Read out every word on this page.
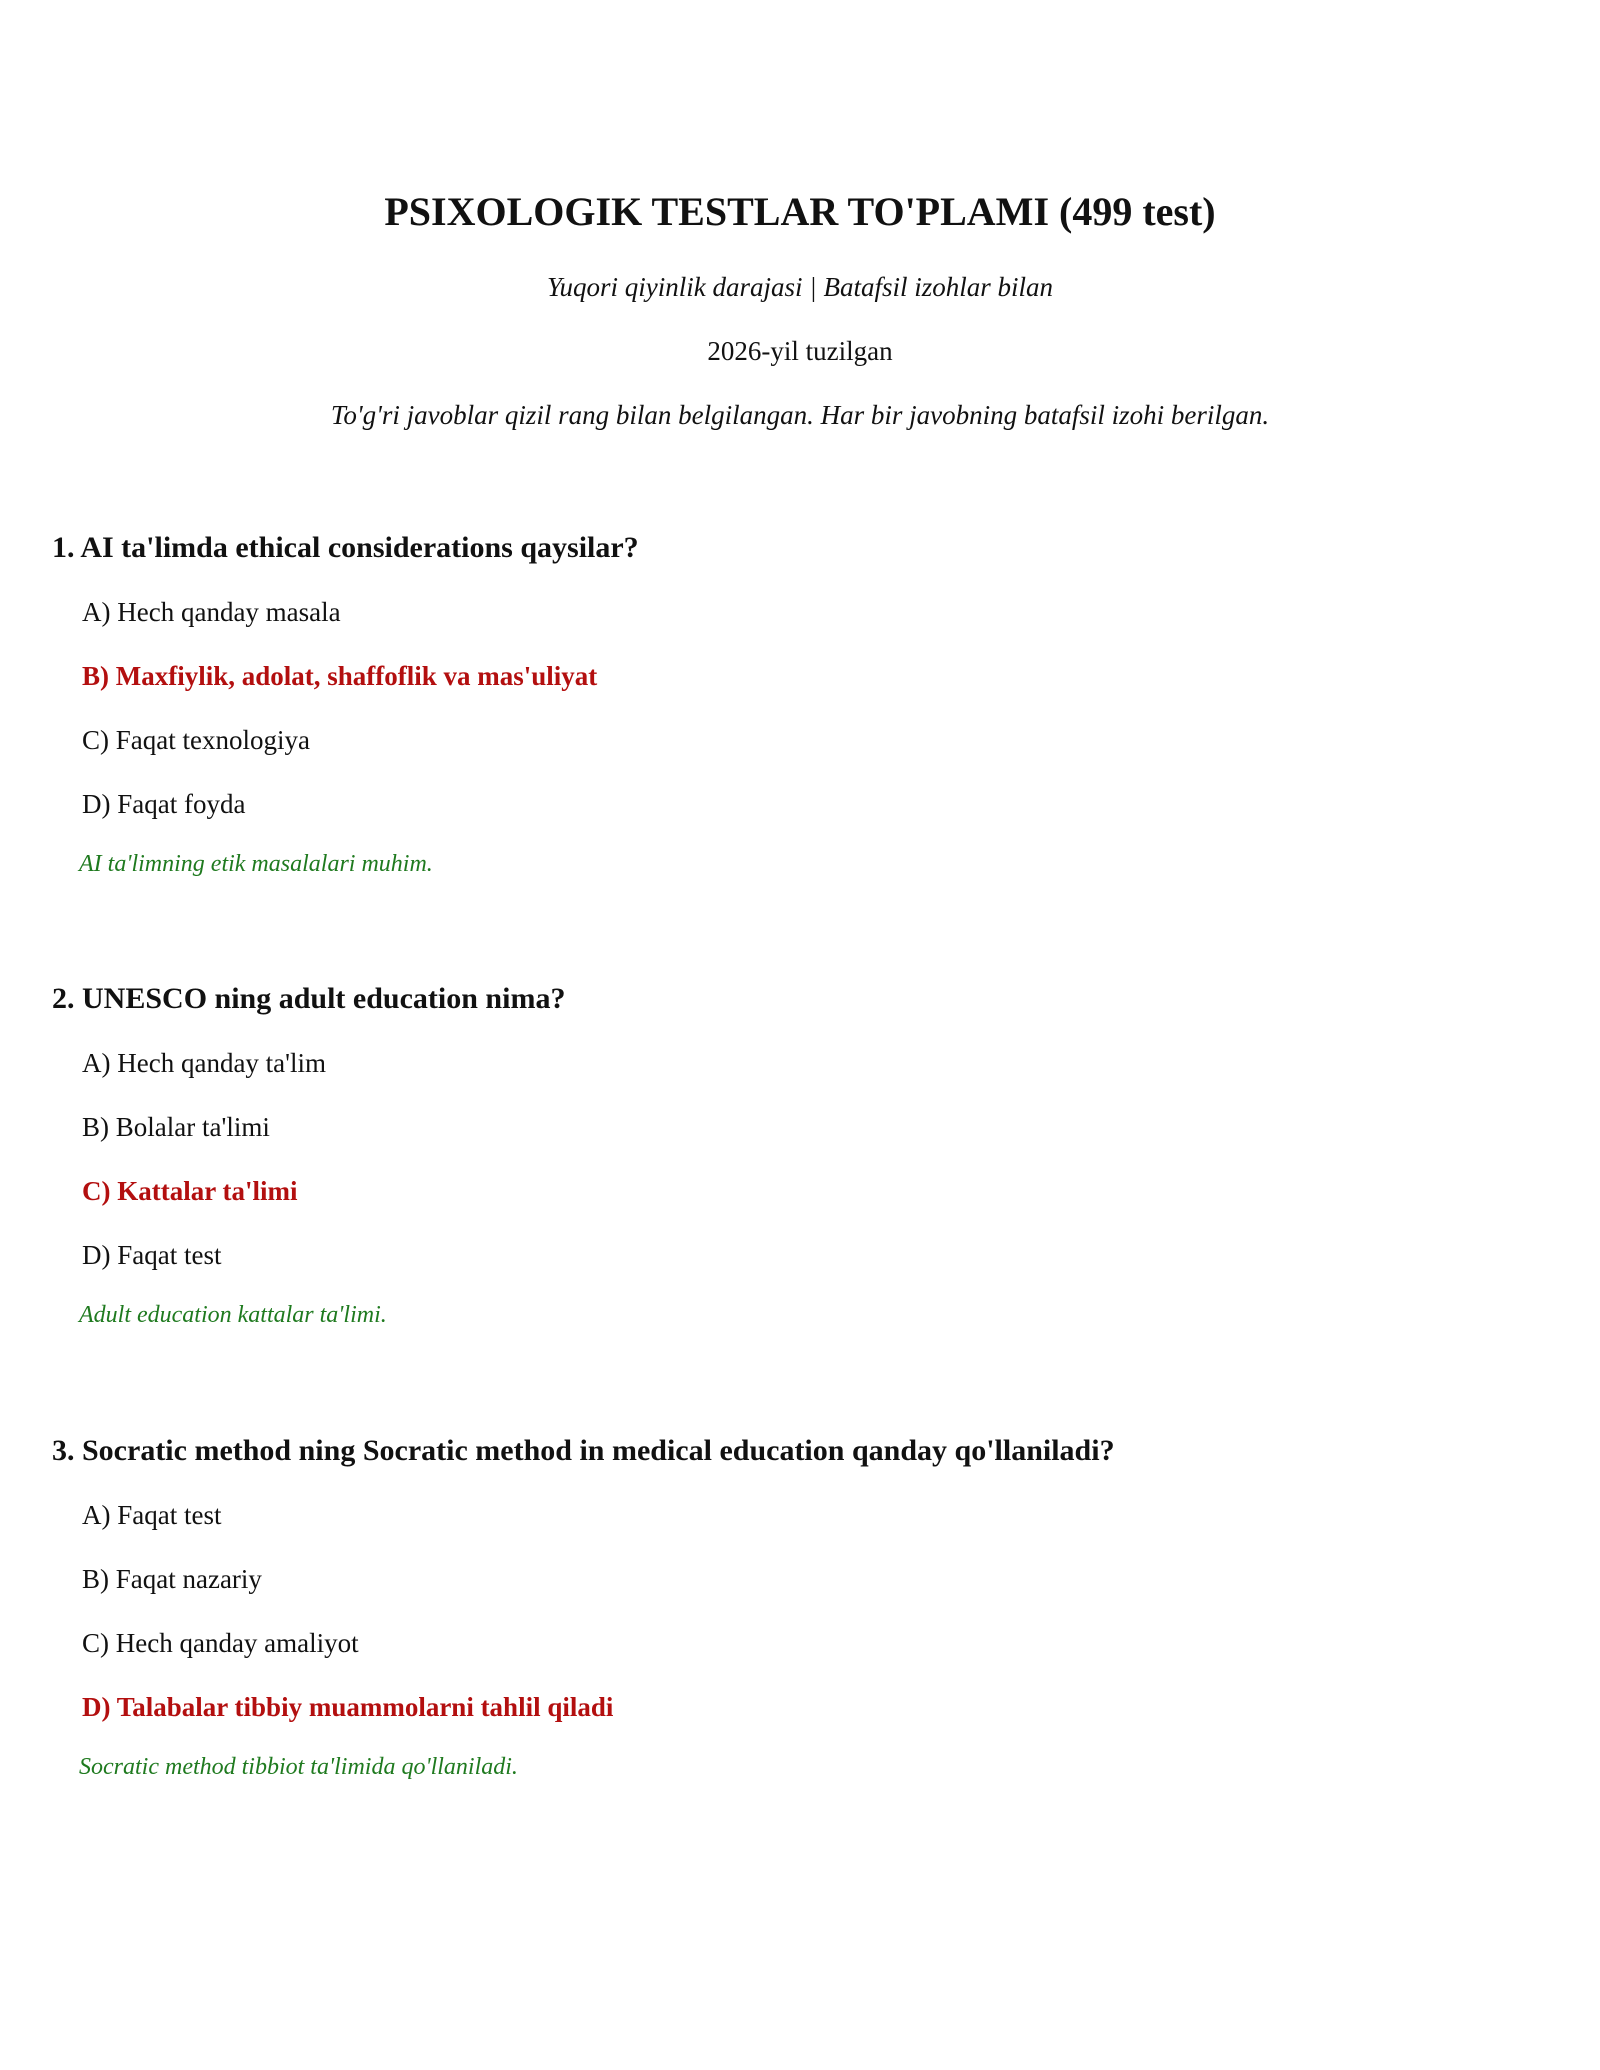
PSIXOLOGIK TESTLAR TO'PLAMI (499 test)
Yuqori qiyinlik darajasi | Batafsil izohlar bilan
2026-yil tuzilgan
To'g'ri javoblar qizil rang bilan belgilangan. Har bir javobning batafsil izohi berilgan.
1. AI ta'limda ethical considerations qaysilar?
A) Hech qanday masala
B) Maxfiylik, adolat, shaffoflik va mas'uliyat
C) Faqat texnologiya
D) Faqat foyda
AI ta'limning etik masalalari muhim.
2. UNESCO ning adult education nima?
A) Hech qanday ta'lim
B) Bolalar ta'limi
C) Kattalar ta'limi
D) Faqat test
Adult education kattalar ta'limi.
3. Socratic method ning Socratic method in medical education qanday qo'llaniladi?
A) Faqat test
B) Faqat nazariy
C) Hech qanday amaliyot
D) Talabalar tibbiy muammolarni tahlil qiladi
Socratic method tibbiot ta'limida qo'llaniladi.
